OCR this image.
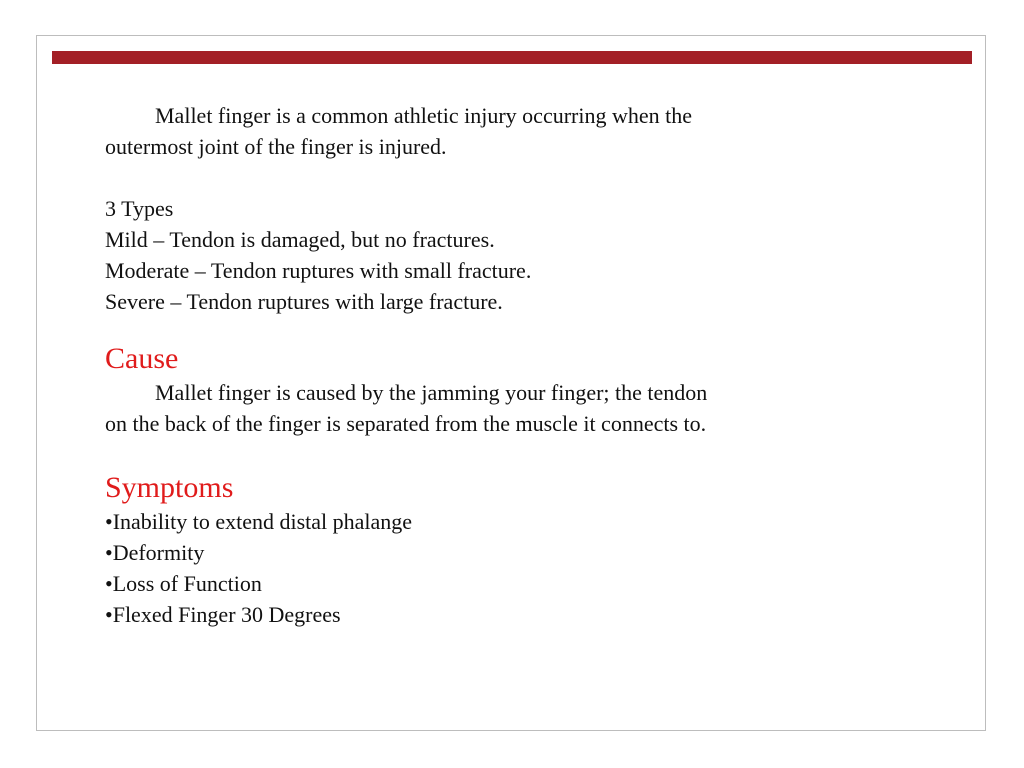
Mallet finger is a common athletic injury occurring when the

outermost joint of the finger is injured.

3 Types

Mild – Tendon is damaged, but no fractures.

Moderate – Tendon ruptures with small fracture.

Severe – Tendon ruptures with large fracture.

Cause

Mallet finger is caused by the jamming your finger; the tendon

on the back of the finger is separated from the muscle it connects to.

Symptoms

•Inability to extend distal phalange

•Deformity

•Loss of Function

•Flexed Finger 30 Degrees
